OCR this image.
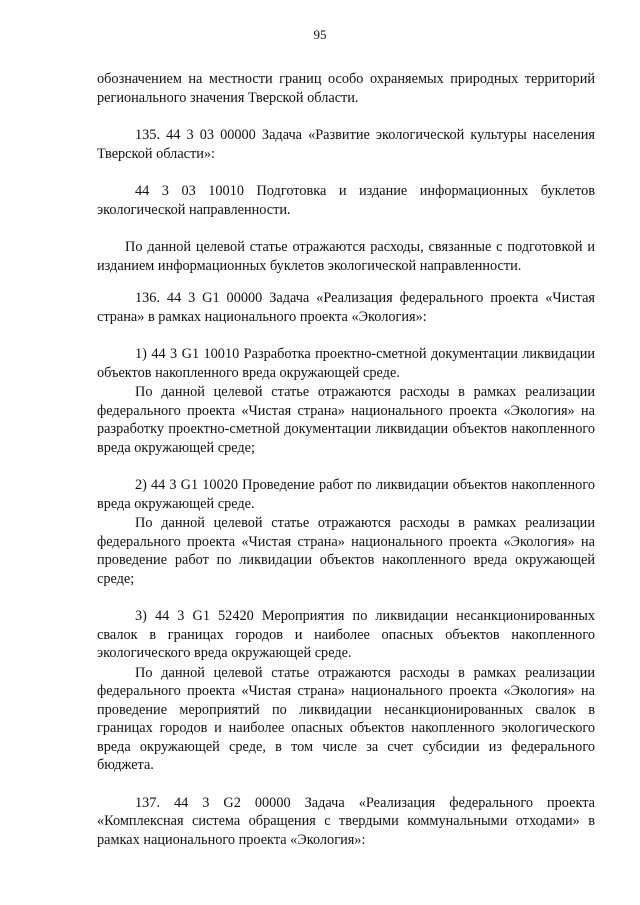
95

обозначением на местности границ особо охраняемых природных территорий регионального значения Тверской области.

135. 44 3 03 00000 Задача «Развитие экологической культуры населения Тверской области»:

44 3 03 10010 Подготовка и издание информационных буклетов экологической направленности.

По данной целевой статье отражаются расходы, связанные с подготовкой и изданием информационных буклетов экологической направленности.

136. 44 3 G1 00000 Задача «Реализация федерального проекта «Чистая страна» в рамках национального проекта «Экология»:

1) 44 3 G1 10010 Разработка проектно-сметной документации ликвидации объектов накопленного вреда окружающей среде.

По данной целевой статье отражаются расходы в рамках реализации федерального проекта «Чистая страна» национального проекта «Экология» на разработку проектно-сметной документации ликвидации объектов накопленного вреда окружающей среде;

2) 44 3 G1 10020 Проведение работ по ликвидации объектов накопленного вреда окружающей среде.

По данной целевой статье отражаются расходы в рамках реализации федерального проекта «Чистая страна» национального проекта «Экология» на проведение работ по ликвидации объектов накопленного вреда окружающей среде;

3) 44 3 G1 52420 Мероприятия по ликвидации несанкционированных свалок в границах городов и наиболее опасных объектов накопленного экологического вреда окружающей среде.

По данной целевой статье отражаются расходы в рамках реализации федерального проекта «Чистая страна» национального проекта «Экология» на проведение мероприятий по ликвидации несанкционированных свалок в границах городов и наиболее опасных объектов накопленного экологического вреда окружающей среде, в том числе за счет субсидии из федерального бюджета.

137. 44 3 G2 00000 Задача «Реализация федерального проекта «Комплексная система обращения с твердыми коммунальными отходами» в рамках национального проекта «Экология»:
